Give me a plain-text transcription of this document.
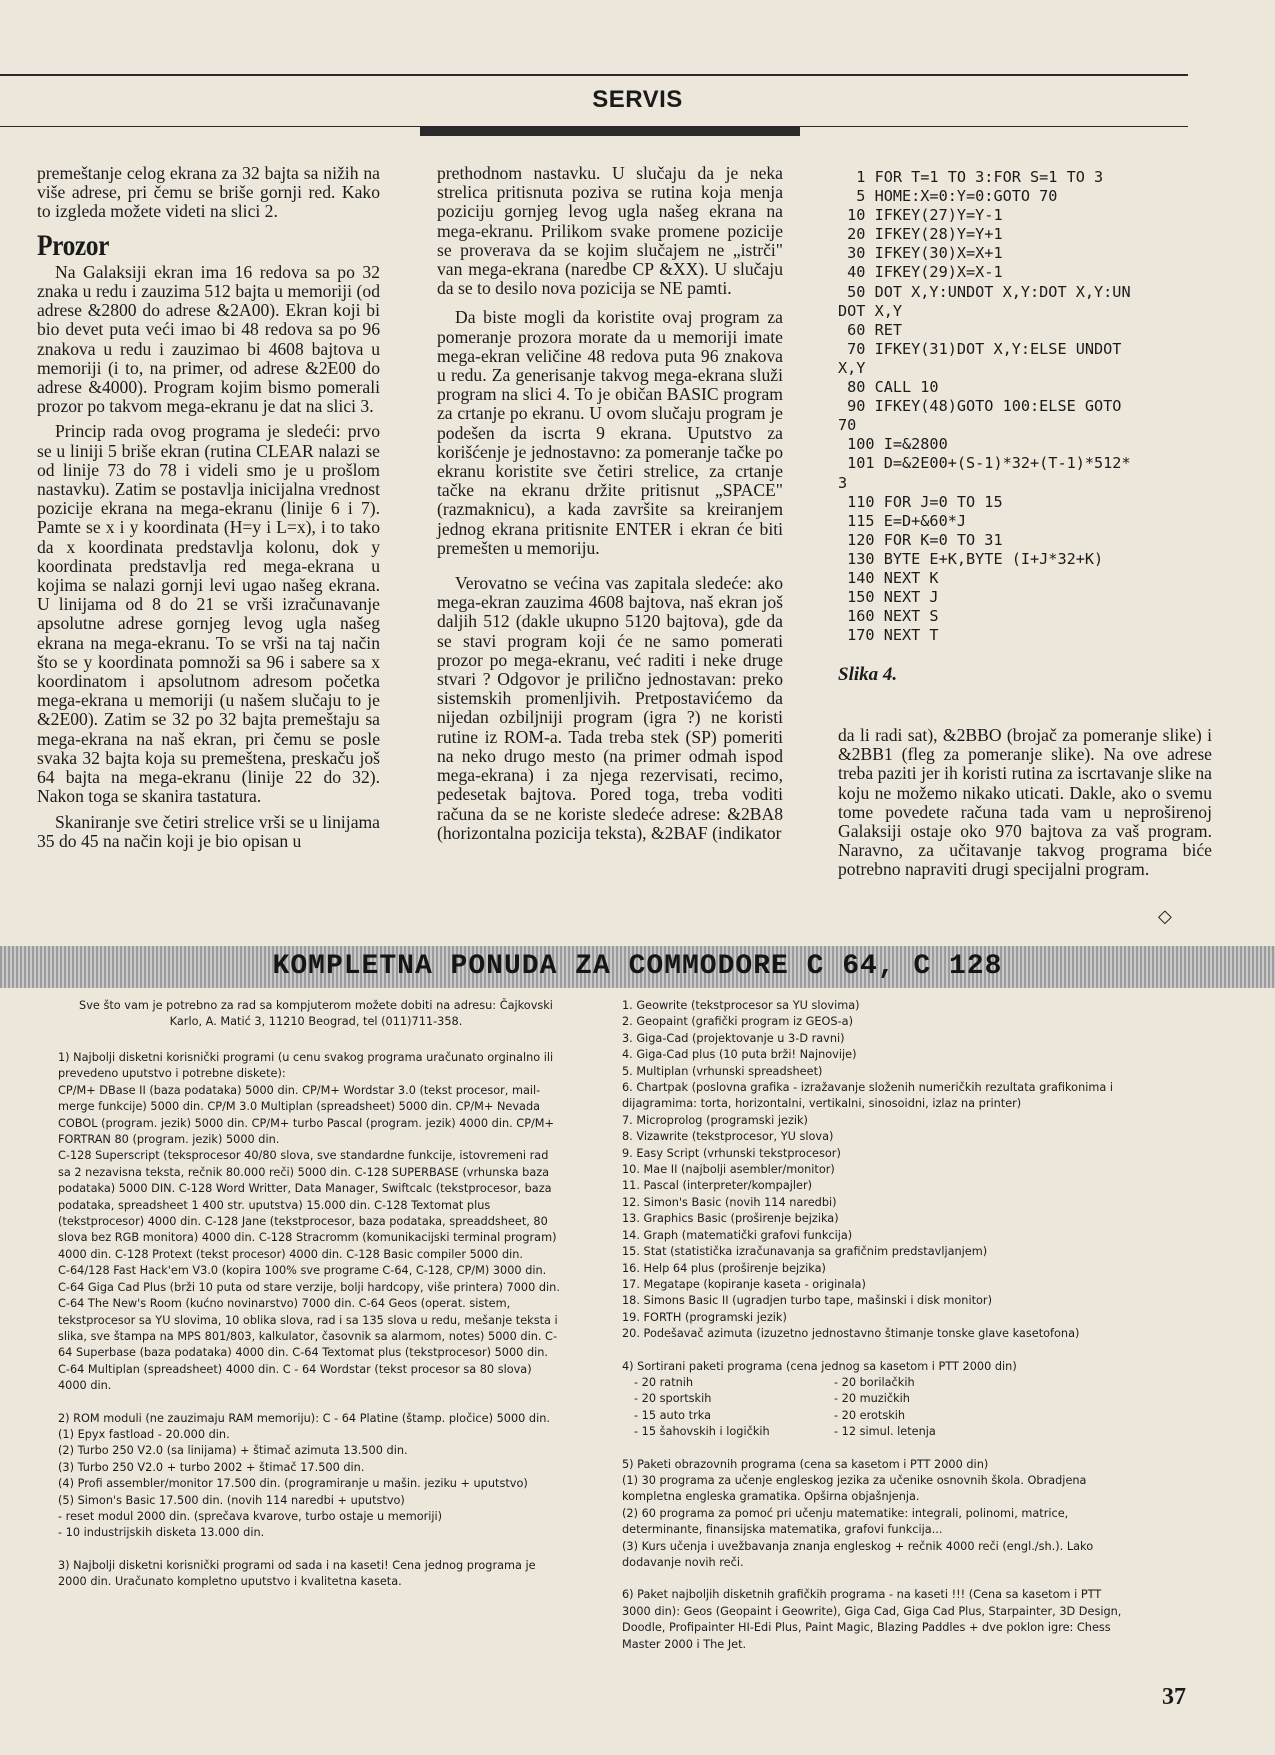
SERVIS

premeštanje celog ekrana za 32 bajta sa nižih na više adrese, pri čemu se briše gornji red. Kako to izgleda možete videti na slici 2.

Prozor

Na Galaksiji ekran ima 16 redova sa po 32 znaka u redu i zauzima 512 bajta u memoriji (od adrese &2800 do adrese &2A00). Ekran koji bi bio devet puta veći imao bi 48 redova sa po 96 znakova u redu i zauzimao bi 4608 bajtova u memoriji (i to, na primer, od adrese &2E00 do adrese &4000). Program kojim bismo pomerali prozor po takvom mega-ekranu je dat na slici 3.

Princip rada ovog programa je sledeći: prvo se u liniji 5 briše ekran (rutina CLEAR nalazi se od linije 73 do 78 i videli smo je u prošlom nastavku). Zatim se postavlja inicijalna vrednost pozicije ekrana na mega-ekranu (linije 6 i 7). Pamte se x i y koordinata (H=y i L=x), i to tako da x koordinata predstavlja kolonu, dok y koordinata predstavlja red mega-ekrana u kojima se nalazi gornji levi ugao našeg ekrana. U linijama od 8 do 21 se vrši izračunavanje apsolutne adrese gornjeg levog ugla našeg ekrana na mega-ekranu. To se vrši na taj način što se y koordinata pomnoži sa 96 i sabere sa x koordinatom i apsolutnom adresom početka mega-ekrana u memoriji (u našem slučaju to je &2E00). Zatim se 32 po 32 bajta premeštaju sa mega-ekrana na naš ekran, pri čemu se posle svaka 32 bajta koja su premeštena, preskaču još 64 bajta na mega-ekranu (linije 22 do 32). Nakon toga se skanira tastatura.

Skaniranje sve četiri strelice vrši se u linijama 35 do 45 na način koji je bio opisan u

prethodnom nastavku. U slučaju da je neka strelica pritisnuta poziva se rutina koja menja poziciju gornjeg levog ugla našeg ekrana na mega-ekranu. Prilikom svake promene pozicije se proverava da se kojim slučajem ne „istrči" van mega-ekrana (naredbe CP &XX). U slučaju da se to desilo nova pozicija se NE pamti.

Da biste mogli da koristite ovaj program za pomeranje prozora morate da u memoriji imate mega-ekran veličine 48 redova puta 96 znakova u redu. Za generisanje takvog mega-ekrana služi program na slici 4. To je običan BASIC program za crtanje po ekranu. U ovom slučaju program je podešen da iscrta 9 ekrana. Uputstvo za korišćenje je jednostavno: za pomeranje tačke po ekranu koristite sve četiri strelice, za crtanje tačke na ekranu držite pritisnut „SPACE" (razmaknicu), a kada završite sa kreiranjem jednog ekrana pritisnite ENTER i ekran će biti premešten u memoriju.

Verovatno se većina vas zapitala sledeće: ako mega-ekran zauzima 4608 bajtova, naš ekran još daljih 512 (dakle ukupno 5120 bajtova), gde da se stavi program koji će ne samo pomerati prozor po mega-ekranu, već raditi i neke druge stvari ? Odgovor je prilično jednostavan: preko sistemskih promenljivih. Pretpostavićemo da nijedan ozbiljniji program (igra ?) ne koristi rutine iz ROM-a. Tada treba stek (SP) pomeriti na neko drugo mesto (na primer odmah ispod mega-ekrana) i za njega rezervisati, recimo, pedesetak bajtova. Pored toga, treba voditi računa da se ne koriste sledeće adrese: &2BA8 (horizontalna pozicija teksta), &2BAF (indikator

1 FOR T=1 TO 3:FOR S=1 TO 3
5 HOME:X=0:Y=0:GOTO 70
10 IFKEY(27)Y=Y-1
20 IFKEY(28)Y=Y+1
30 IFKEY(30)X=X+1
40 IFKEY(29)X=X-1
50 DOT X,Y:UNDOT X,Y:DOT X,Y:UN
DOT X,Y
60 RET
70 IFKEY(31)DOT X,Y:ELSE UNDOT
X,Y
80 CALL 10
90 IFKEY(48)GOTO 100:ELSE GOTO
70
100 I=&2800
101 D=&2E00+(S-1)*32+(T-1)*512*
3
110 FOR J=0 TO 15
115 E=D+&60*J
120 FOR K=0 TO 31
130 BYTE E+K,BYTE (I+J*32+K)
140 NEXT K
150 NEXT J
160 NEXT S
170 NEXT T
Slika 4.

da li radi sat), &2BBO (brojač za pomeranje slike) i &2BB1 (fleg za pomeranje slike). Na ove adrese treba paziti jer ih koristi rutina za iscrtavanje slike na koju ne možemo nikako uticati. Dakle, ako o svemu tome povedete računa tada vam u neproširenoj Galaksiji ostaje oko 970 bajtova za vaš program. Naravno, za učitavanje takvog programa biće potrebno napraviti drugi specijalni program.

◇
KOMPLETNA PONUDA ZA COMMODORE C 64, C 128
Sve što vam je potrebno za rad sa kompjuterom možete dobiti na adresu: Čajkovski Karlo, A. Matić 3, 11210 Beograd, tel (011)711-358.

1) Najbolji disketni korisnički programi (u cenu svakog programa uračunato orginalno ili prevedeno uputstvo i potrebne diskete):

CP/M+ DBase II (baza podataka) 5000 din. CP/M+ Wordstar 3.0 (tekst procesor, mail-merge funkcije) 5000 din. CP/M 3.0 Multiplan (spreadsheet) 5000 din. CP/M+ Nevada COBOL (program. jezik) 5000 din. CP/M+ turbo Pascal (program. jezik) 4000 din. CP/M+ FORTRAN 80 (program. jezik) 5000 din.

C-128 Superscript (teksprocesor 40/80 slova, sve standardne funkcije, istovremeni rad sa 2 nezavisna teksta, rečnik 80.000 reči) 5000 din. C-128 SUPERBASE (vrhunska baza podataka) 5000 DIN. C-128 Word Writter, Data Manager, Swiftcalc (tekstprocesor, baza podataka, spreadsheet 1 400 str. uputstva) 15.000 din. C-128 Textomat plus (tekstprocesor) 4000 din. C-128 Jane (tekstprocesor, baza podataka, spreaddsheet, 80 slova bez RGB monitora) 4000 din. C-128 Stracromm (komunikacijski terminal program) 4000 din. C-128 Protext (tekst procesor) 4000 din. C-128 Basic compiler 5000 din.

C-64/128 Fast Hack'em V3.0 (kopira 100% sve programe C-64, C-128, CP/M) 3000 din. C-64 Giga Cad Plus (brži 10 puta od stare verzije, bolji hardcopy, više printera) 7000 din. C-64 The New's Room (kućno novinarstvo) 7000 din. C-64 Geos (operat. sistem, tekstprocesor sa YU slovima, 10 oblika slova, rad i sa 135 slova u redu, mešanje teksta i slika, sve štampa na MPS 801/803, kalkulator, časovnik sa alarmom, notes) 5000 din. C-64 Superbase (baza podataka) 4000 din. C-64 Textomat plus (tekstprocesor) 5000 din. C-64 Multiplan (spreadsheet) 4000 din. C - 64 Wordstar (tekst procesor sa 80 slova) 4000 din.

2) ROM moduli (ne zauzimaju RAM memoriju): C - 64 Platine (štamp. pločice) 5000 din.

(1) Epyx fastload - 20.000 din.

(2) Turbo 250 V2.0 (sa linijama) + štimač azimuta 13.500 din.

(3) Turbo 250 V2.0 + turbo 2002 + štimač 17.500 din.

(4) Profi assembler/monitor 17.500 din. (programiranje u mašin. jeziku + uputstvo)

(5) Simon's Basic 17.500 din. (novih 114 naredbi + uputstvo)

- reset modul 2000 din. (sprečava kvarove, turbo ostaje u memoriji)

- 10 industrijskih disketa 13.000 din.

3) Najbolji disketni korisnički programi od sada i na kaseti! Cena jednog programa je 2000 din. Uračunato kompletno uputstvo i kvalitetna kaseta.

1. Geowrite (tekstprocesor sa YU slovima)

2. Geopaint (grafički program iz GEOS-a)

3. Giga-Cad (projektovanje u 3-D ravni)

4. Giga-Cad plus (10 puta brži! Najnovije)

5. Multiplan (vrhunski spreadsheet)

6. Chartpak (poslovna grafika - izražavanje složenih numeričkih rezultata grafikonima i dijagramima: torta, horizontalni, vertikalni, sinosoidni, izlaz na printer)

7. Microprolog (programski jezik)

8. Vizawrite (tekstprocesor, YU slova)

9. Easy Script (vrhunski tekstprocesor)

10. Mae II (najbolji asembler/monitor)

11. Pascal (interpreter/kompajler)

12. Simon's Basic (novih 114 naredbi)

13. Graphics Basic (proširenje bejzika)

14. Graph (matematički grafovi funkcija)

15. Stat (statistička izračunavanja sa grafičnim predstavljanjem)

16. Help 64 plus (proširenje bejzika)

17. Megatape (kopiranje kaseta - originala)

18. Simons Basic II (ugradjen turbo tape, mašinski i disk monitor)

19. FORTH (programski jezik)

20. Podešavač azimuta (izuzetno jednostavno štimanje tonske glave kasetofona)

4) Sortirani paketi programa (cena jednog sa kasetom i PTT 2000 din)

- 20 ratnih

- 20 sportskih

- 15 auto trka

- 15 šahovskih i logičkih

- 20 borilačkih

- 20 muzičkih

- 20 erotskih

- 12 simul. letenja

5) Paketi obrazovnih programa (cena sa kasetom i PTT 2000 din)

(1) 30 programa za učenje engleskog jezika za učenike osnovnih škola. Obradjena kompletna engleska gramatika. Opširna objašnjenja.

(2) 60 programa za pomoć pri učenju matematike: integrali, polinomi, matrice, determinante, finansijska matematika, grafovi funkcija...

(3) Kurs učenja i uvežbavanja znanja engleskog + rečnik 4000 reči (engl./sh.). Lako dodavanje novih reči.

6) Paket najboljih disketnih grafičkih programa - na kaseti !!! (Cena sa kasetom i PTT 3000 din): Geos (Geopaint i Geowrite), Giga Cad, Giga Cad Plus, Starpainter, 3D Design, Doodle, Profipainter HI-Edi Plus, Paint Magic, Blazing Paddles + dve poklon igre: Chess Master 2000 i The Jet.

37
